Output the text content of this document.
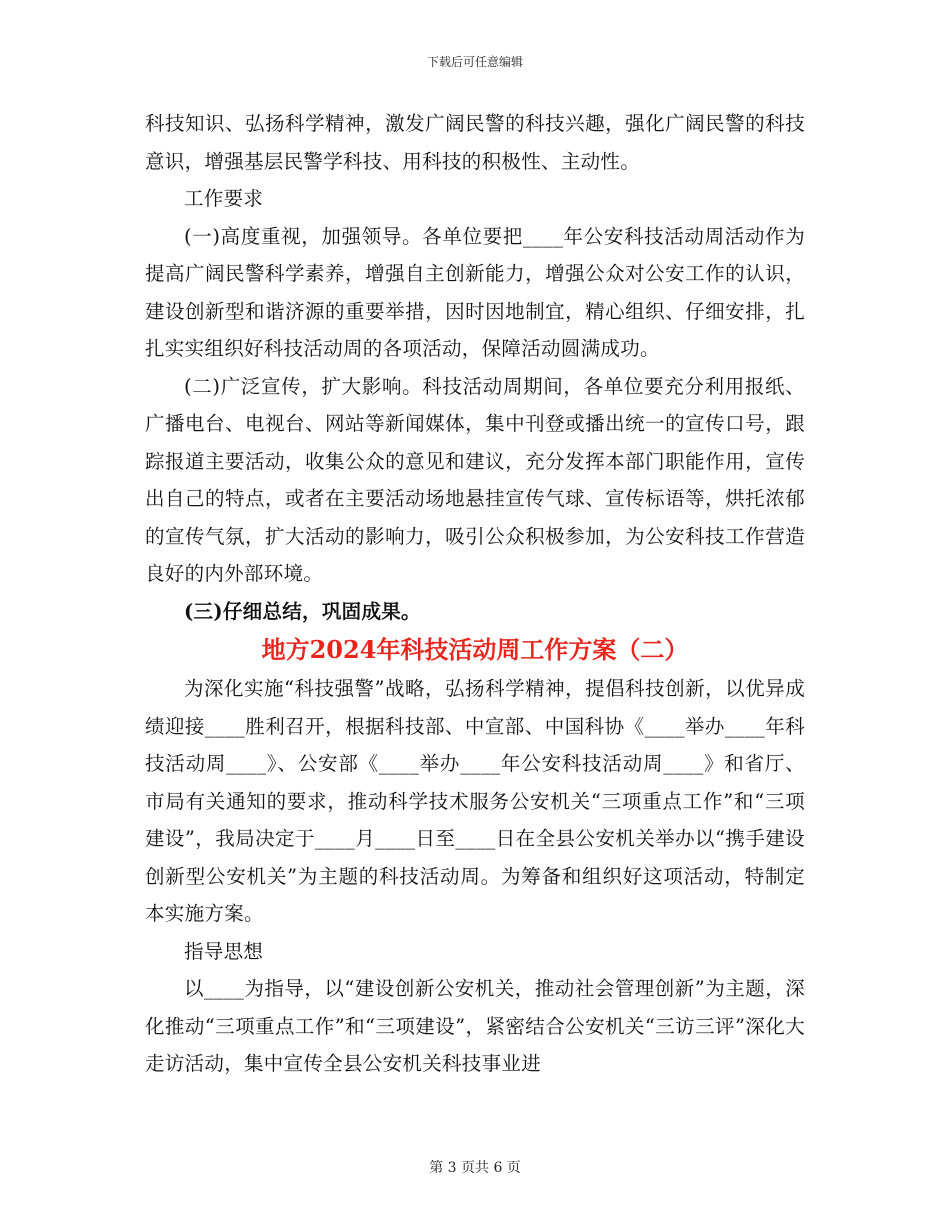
下载后可任意编辑

科技知识、弘扬科学精神，激发广阔民警的科技兴趣，强化广阔民警的科技意识，增强基层民警学科技、用科技的积极性、主动性。

工作要求

(一)高度重视，加强领导。各单位要把____年公安科技活动周活动作为提高广阔民警科学素养，增强自主创新能力，增强公众对公安工作的认识，建设创新型和谐济源的重要举措，因时因地制宜，精心组织、仔细安排，扎扎实实组织好科技活动周的各项活动，保障活动圆满成功。

(二)广泛宣传，扩大影响。科技活动周期间，各单位要充分利用报纸、广播电台、电视台、网站等新闻媒体，集中刊登或播出统一的宣传口号，跟踪报道主要活动，收集公众的意见和建议，充分发挥本部门职能作用，宣传出自己的特点，或者在主要活动场地悬挂宣传气球、宣传标语等，烘托浓郁的宣传气氛，扩大活动的影响力，吸引公众积极参加，为公安科技工作营造良好的内外部环境。

(三)仔细总结，巩固成果。

地方2024年科技活动周工作方案（二）

为深化实施“科技强警”战略，弘扬科学精神，提倡科技创新，以优异成绩迎接____胜利召开，根据科技部、中宣部、中国科协《____举办____年科技活动周____》、公安部《____举办____年公安科技活动周____》和省厅、市局有关通知的要求，推动科学技术服务公安机关“三项重点工作”和“三项建设”，我局决定于____月____日至____日在全县公安机关举办以“携手建设创新型公安机关”为主题的科技活动周。为筹备和组织好这项活动，特制定本实施方案。

指导思想

以____为指导，以“建设创新公安机关，推动社会管理创新”为主题，深化推动“三项重点工作”和“三项建设”，紧密结合公安机关“三访三评”深化大走访活动，集中宣传全县公安机关科技事业进

第 3 页共 6 页
